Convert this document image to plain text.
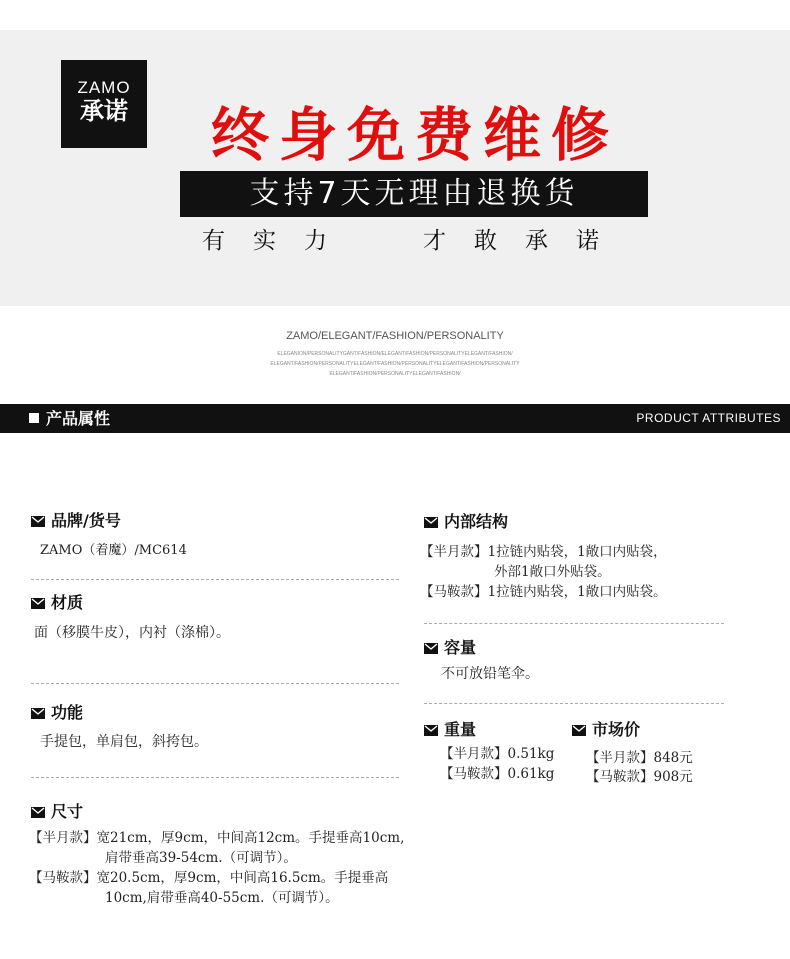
ZAMO
承诺	终身免费维修
支持7天无理由退换货
有实力	才敢承诺
ZAMO/ELEGANT/FASHION/PERSONALITY
ELEGANION/PERSONALITYGANT/FASHION/ELEGANT/FASHION/PERSONALITYELEGANT/FASHION/
ELEGANT/FASHION/PERSONALITYELEGANT/FASHION/PERSONALITYELEGANT/FASHION/PERSONALITY
ELEGANT/FASHION/PERSONALITYELEGANT/FASHION/
产品属性	PRODUCT ATTRIBUTES
品牌/货号
ZAMO（着魔）/MC614
材质
面（移膜牛皮），内衬（涤棉）。
功能
手提包，单肩包，斜挎包。
尺寸
【半月款】宽21cm，厚9cm，中间高12cm。手提垂高10cm,
肩带垂高39-54cm.（可调节）。
【马鞍款】宽20.5cm，厚9cm，中间高16.5cm。手提垂高
10cm,肩带垂高40-55cm.（可调节）。
内部结构
【半月款】1拉链内贴袋，1敞口内贴袋，
外部1敞口外贴袋。
【马鞍款】1拉链内贴袋，1敞口内贴袋。
容量
不可放铅笔伞。
重量
【半月款】0.51kg
【马鞍款】0.61kg
市场价
【半月款】848元
【马鞍款】908元
